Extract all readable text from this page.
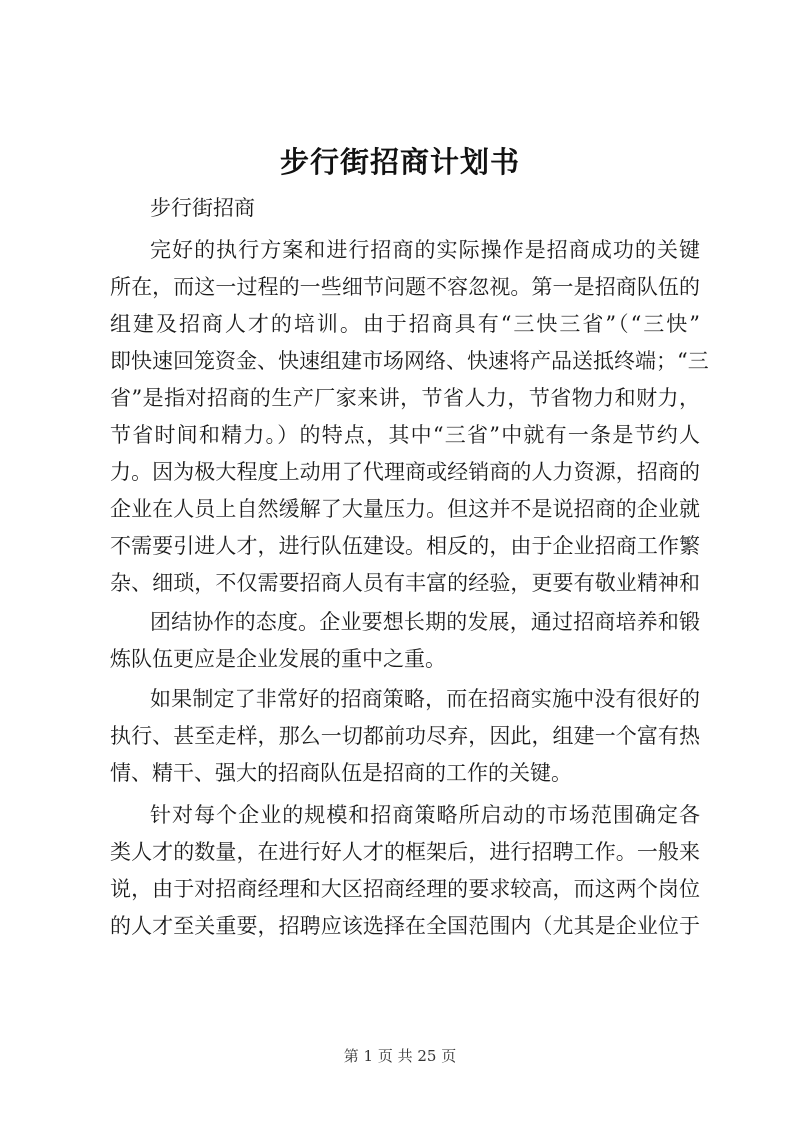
步行街招商计划书
步行街招商
完好的执行方案和进行招商的实际操作是招商成功的关键
所在，而这一过程的一些细节问题不容忽视。第一是招商队伍的
组建及招商人才的培训。由于招商具有“三快三省”（“三快”
即快速回笼资金、快速组建市场网络、快速将产品送抵终端；“三
省”是指对招商的生产厂家来讲，节省人力，节省物力和财力，
节省时间和精力。）的特点，其中“三省”中就有一条是节约人
力。因为极大程度上动用了代理商或经销商的人力资源，招商的
企业在人员上自然缓解了大量压力。但这并不是说招商的企业就
不需要引进人才，进行队伍建设。相反的，由于企业招商工作繁
杂、细琐，不仅需要招商人员有丰富的经验，更要有敬业精神和
团结协作的态度。企业要想长期的发展，通过招商培养和锻
炼队伍更应是企业发展的重中之重。
如果制定了非常好的招商策略，而在招商实施中没有很好的
执行、甚至走样，那么一切都前功尽弃，因此，组建一个富有热
情、精干、强大的招商队伍是招商的工作的关键。
针对每个企业的规模和招商策略所启动的市场范围确定各
类人才的数量，在进行好人才的框架后，进行招聘工作。一般来
说，由于对招商经理和大区招商经理的要求较高，而这两个岗位
的人才至关重要，招聘应该选择在全国范围内（尤其是企业位于
第 1 页 共 25 页
